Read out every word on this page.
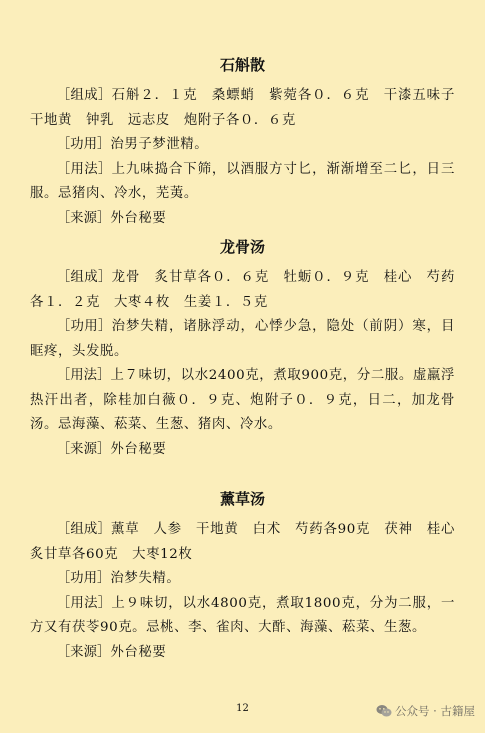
石斛散

［组成］石斛２．１克　桑螵蛸　紫菀各０．６克　干漆五味子　干地黄　钟乳　远志皮　炮附子各０．６克

［功用］治男子梦泄精。

［用法］上九味捣合下筛，以酒服方寸匕，渐渐增至二匕，日三服。忌猪肉、冷水，芜荑。

［来源］外台秘要

龙骨汤

［组成］龙骨　炙甘草各０．６克　牡蛎０．９克　桂心　芍药各１．２克　大枣４枚　生姜１．５克

［功用］治梦失精，诸脉浮动，心悸少急，隐处（前阴）寒，目眶疼，头发脱。

［用法］上７味切，以水2400克，煮取900克，分二服。虚羸浮热汗出者，除桂加白薇０．９克、炮附子０．９克，日二，加龙骨汤。忌海藻、菘菜、生葱、猪肉、冷水。

［来源］外台秘要

薰草汤

［组成］薰草　人参　干地黄　白术　芍药各90克　茯神　桂心　炙甘草各60克　大枣12枚

［功用］治梦失精。

［用法］上９味切，以水4800克，煮取1800克，分为二服，一方又有茯苓90克。忌桃、李、雀肉、大酢、海藻、菘菜、生葱。

［来源］外台秘要

12	公众号 · 古籍屋
